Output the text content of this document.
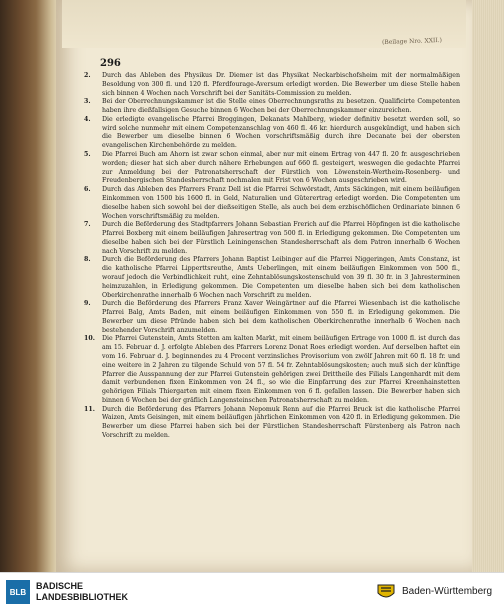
(Beilage Nro. XXII.)
296
2. Durch das Ableben des Physikus Dr. Diemer ist das Physikat Neckarbischofsheim mit der normalmäßigen Besoldung von 300 fl. und 120 fl. Pferdfourage-Aversum erledigt worden. Die Bewerber um diese Stelle haben sich binnen 4 Wochen nach Vorschrift bei der Sanitäts-Commission zu melden.
3. Bei der Oberrechnungskammer ist die Stelle eines Oberrechnungsraths zu besetzen. Qualificirte Competenten haben ihre dießfallsigen Gesuche binnen 6 Wochen bei der Oberrechnungskammer einzureichen.
4. Die erledigte evangelische Pfarrei Broggingen, Dekanats Mahlberg, wieder definitiv besetzt werden soll, so wird solche nunmehr mit einem Competenzanschlag von 460 fl. 46 kr. hierdurch ausgekündigt, und haben sich die Bewerber um dieselbe binnen 6 Wochen vorschriftsmäßig durch ihre Decanate bei der obersten evangelischen Kirchenbehörde zu melden.
5. Die Pfarrei Buch am Ahorn ist zwar schon einmal, aber nur mit einem Ertrag von 447 fl. 20 fr. ausgeschrieben worden; dieser hat sich aber durch nähere Erhebungen auf 660 fl. gesteigert, weswegen die gedachte Pfarrei zur Anmeldung bei der Patronatsherrschaft der Fürstlich von Löwenstein-Wertheim-Rosenberg- und Freudenbergischen Standesherrschaft nochmalen mit Frist von 6 Wochen ausgeschrieben wird.
6. Durch das Ableben des Pfarrers Franz Dell ist die Pfarrei Schwörstadt, Amts Säckingen, mit einem beiläufigen Einkommen von 1500 bis 1600 fl. in Geld, Naturalien und Güterertrag erledigt worden. Die Competenten um dieselbe haben sich sowohl bei der dießseitigen Stelle, als auch bei dem erzbischöflichen Ordinariate binnen 6 Wochen vorschriftsmäßig zu melden.
7. Durch die Beförderung des Stadtpfarrers Johann Sebastian Frerich auf die Pfarrei Höpfingen ist die katholische Pfarrei Boxberg mit einem beiläufigen Jahresertrag von 500 fl. in Erledigung gekommen. Die Competenten um dieselbe haben sich bei der Fürstlich Leiningenschen Standesherrschaft als dem Patron innerhalb 6 Wochen nach Vorschrift zu melden.
8. Durch die Beförderung des Pfarrers Johann Baptist Leibinger auf die Pfarrei Niggeringen, Amts Constanz, ist die katholische Pfarrei Lipperttsreuthe, Amts Ueberlingen, mit einem beiläufigen Einkommen von 500 fl., worauf jedoch die Verbindlichkeit ruht, eine Zehntablösungskostenschuld von 39 fl. 30 fr. in 3 Jahresterminen heimzuzahlen, in Erledigung gekommen. Die Competenten um dieselbe haben sich bei dem katholischen Oberkirchenrathe innerhalb 6 Wochen nach Vorschrift zu melden.
9. Durch die Beförderung des Pfarrers Franz Xaver Weingärtner auf die Pfarrei Wiesenbach ist die katholische Pfarrei Balg, Amts Baden, mit einem beiläufigen Einkommen von 550 fl. in Erledigung gekommen. Die Bewerber um diese Pfründe haben sich bei dem katholischen Oberkirchenrathe innerhalb 6 Wochen nach bestehender Vorschrift anzumelden.
10. Die Pfarrei Gutenstein, Amts Stetten am kalten Markt, mit einem beiläufigen Ertrage von 1000 fl. ist durch das am 15. Februar d. J. erfolgte Ableben des Pfarrers Lorenz Donat Roes erledigt worden. Auf derselben haftet ein vom 16. Februar d. J. beginnendes zu 4 Procent verzinsliches Provisorium von zwölf Jahren mit 60 fl. 18 fr. und eine weitere in 2 Jahren zu tilgende Schuld von 57 fl. 54 fr. Zehntablösungskosten; auch muß sich der künftige Pfarrer die Ausspannung der zur Pfarrei Gutenstein gehörigen zwei Drittheile des Filials Langenhardt mit dem damit verbundenen fixen Einkommen von 24 fl., so wie die Einpfarrung des zur Pfarrei Kreenhainstetten gehörigen Filials Thiergarten mit einem fixen Einkommen von 6 fl. gefallen lassen. Die Bewerber haben sich binnen 6 Wochen bei der gräflich Langensteinschen Patronatsherrschaft zu melden.
11. Durch die Beförderung des Pfarrers Johann Nepomuk Renn auf die Pfarrei Bruck ist die katholische Pfarrei Waizen, Amts Geisingen, mit einem beiläufigen jährlichen Einkommen von 420 fl. in Erledigung gekommen. Die Bewerber um diese Pfarrei haben sich bei der Fürstlichen Standesherrschaft Fürstenberg als Patron nach Vorschrift zu melden.
BLB
BADISCHE
LANDESBIBLIOTHEK	Baden-Württemberg
